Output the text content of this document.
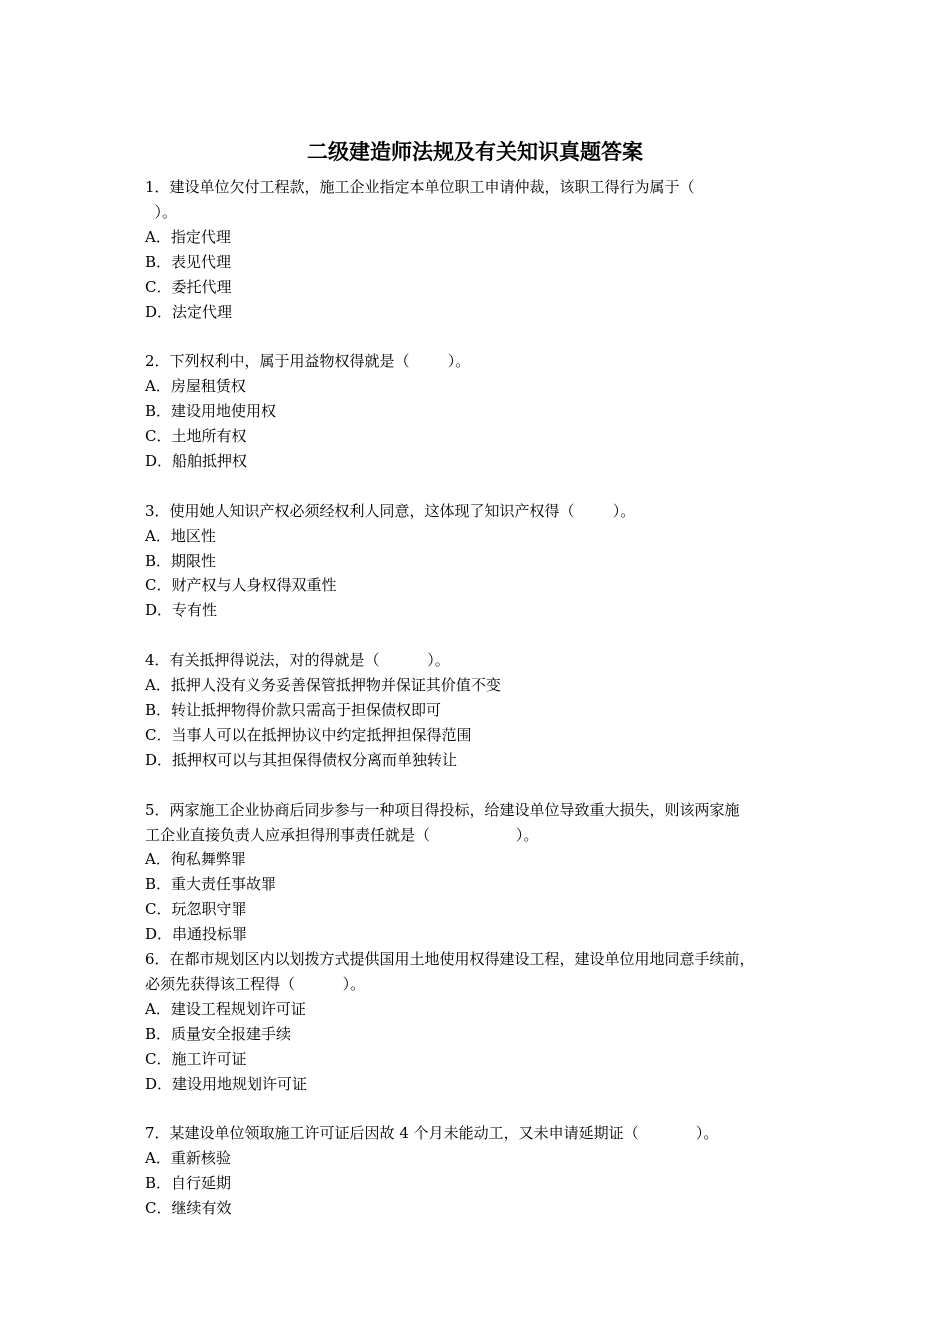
二级建造师法规及有关知识真题答案
1．建设单位欠付工程款，施工企业指定本单位职工申请仲裁，该职工得行为属于（
）。
A．指定代理
B．表见代理
C．委托代理
D．法定代理
2．下列权利中，属于用益物权得就是（        ）。
A．房屋租赁权
B．建设用地使用权
C．土地所有权
D．船舶抵押权
3．使用她人知识产权必须经权利人同意，这体现了知识产权得（        ）。
A．地区性
B．期限性
C．财产权与人身权得双重性
D．专有性
4．有关抵押得说法，对的得就是（          ）。
A．抵押人没有义务妥善保管抵押物并保证其价值不变
B．转让抵押物得价款只需高于担保债权即可
C．当事人可以在抵押协议中约定抵押担保得范围
D．抵押权可以与其担保得债权分离而单独转让
5．两家施工企业协商后同步参与一种项目得投标，给建设单位导致重大损失，则该两家施
工企业直接负责人应承担得刑事责任就是（                  ）。
A．徇私舞弊罪
B．重大责任事故罪
C．玩忽职守罪
D．串通投标罪
6．在都市规划区内以划拨方式提供国用土地使用权得建设工程，建设单位用地同意手续前，
必须先获得该工程得（          ）。
A．建设工程规划许可证
B．质量安全报建手续
C．施工许可证
D．建设用地规划许可证
7．某建设单位领取施工许可证后因故 4 个月未能动工，又未申请延期证（            ）。
A．重新核验
B．自行延期
C．继续有效
